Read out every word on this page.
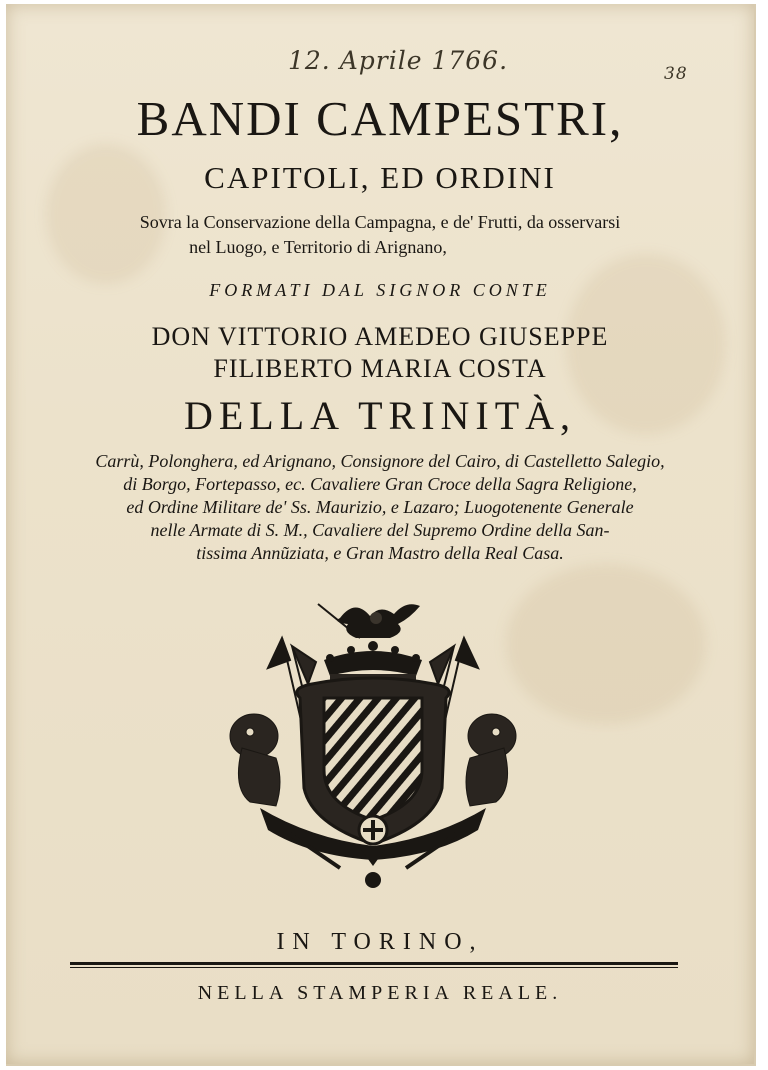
12. Aprile 1766.	38
BANDI CAMPESTRI,
CAPITOLI, ED ORDINI
Sovra la Conservazione della Campagna, e de' Frutti, da osservarsi
nel Luogo, e Territorio di Arignano,
FORMATI DAL SIGNOR CONTE
DON VITTORIO AMEDEO GIUSEPPE
FILIBERTO MARIA COSTA
DELLA TRINITÀ,
Carrù, Polonghera, ed Arignano, Consignore del Cairo, di Castelletto Salegio,
di Borgo, Fortepasso, ec. Cavaliere Gran Croce della Sagra Religione,
ed Ordine Militare de' Ss. Maurizio, e Lazaro; Luogotenente Generale
nelle Armate di S. M., Cavaliere del Supremo Ordine della San-
tissima Annũziata, e Gran Mastro della Real Casa.
IN TORINO,
NELLA STAMPERIA REALE.
